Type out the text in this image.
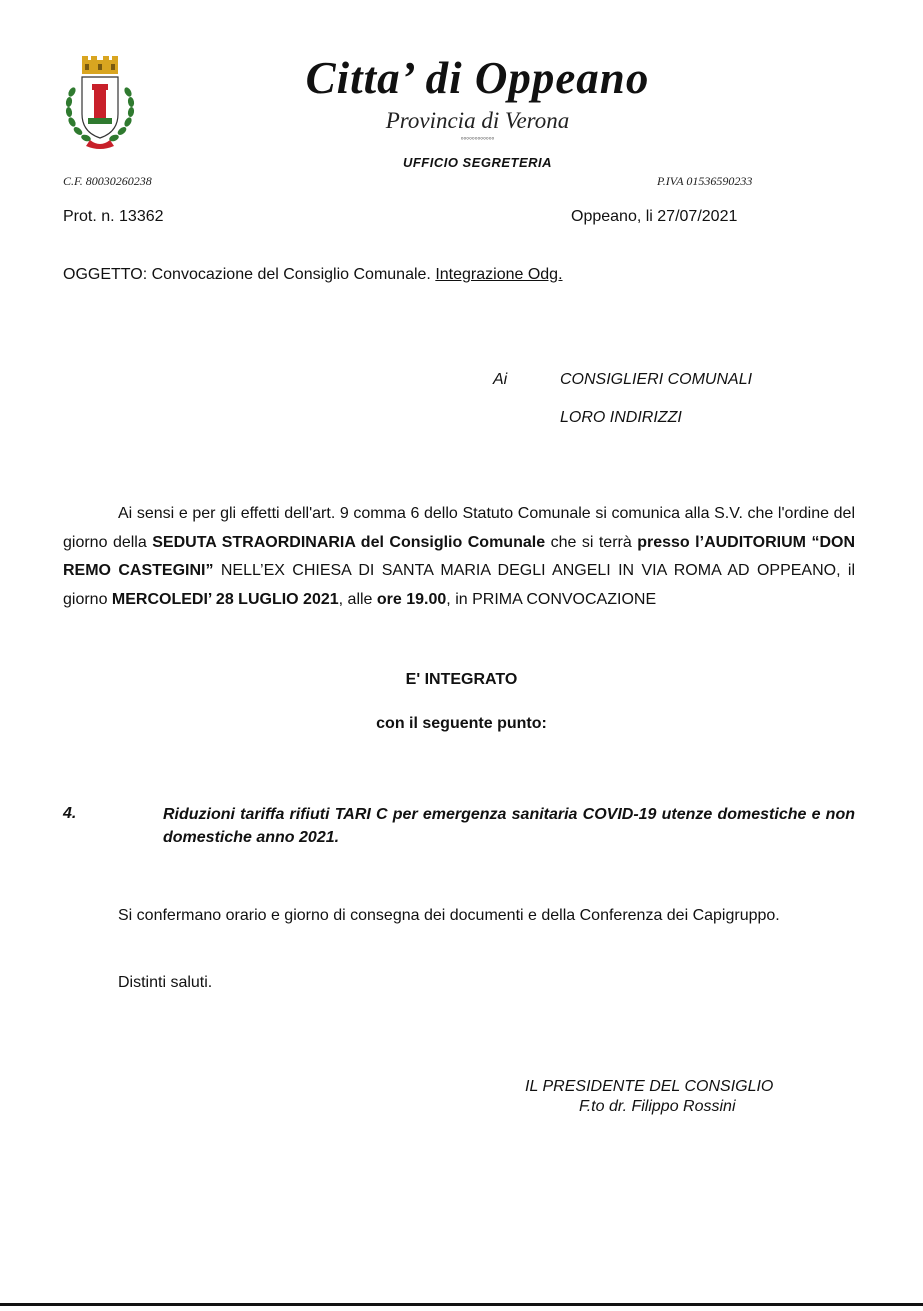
Citta’ di Oppeano
Provincia di Verona
°°°°°°°°°°°°
UFFICIO SEGRETERIA
C.F. 80030260238	P.IVA 01536590233
Prot. n. 13362	Oppeano, li 27/07/2021
OGGETTO: Convocazione del Consiglio Comunale. Integrazione Odg.
Ai	CONSIGLIERI COMUNALI
LORO INDIRIZZI
Ai sensi e per gli effetti dell'art. 9 comma 6 dello Statuto Comunale si comunica alla S.V. che l'ordine del giorno della SEDUTA STRAORDINARIA del Consiglio Comunale che si terrà presso l’AUDITORIUM “DON REMO CASTEGINI” NELL’EX CHIESA DI SANTA MARIA DEGLI ANGELI IN VIA ROMA AD OPPEANO, il giorno MERCOLEDI’ 28 LUGLIO 2021, alle ore 19.00, in PRIMA CONVOCAZIONE
E' INTEGRATO
con il seguente punto:
4.	Riduzioni tariffa rifiuti TARI C per emergenza sanitaria COVID-19 utenze domestiche e non domestiche anno 2021.
Si confermano orario e giorno di consegna dei documenti e della Conferenza dei Capigruppo.
Distinti saluti.
IL PRESIDENTE DEL CONSIGLIO
F.to dr. Filippo Rossini
